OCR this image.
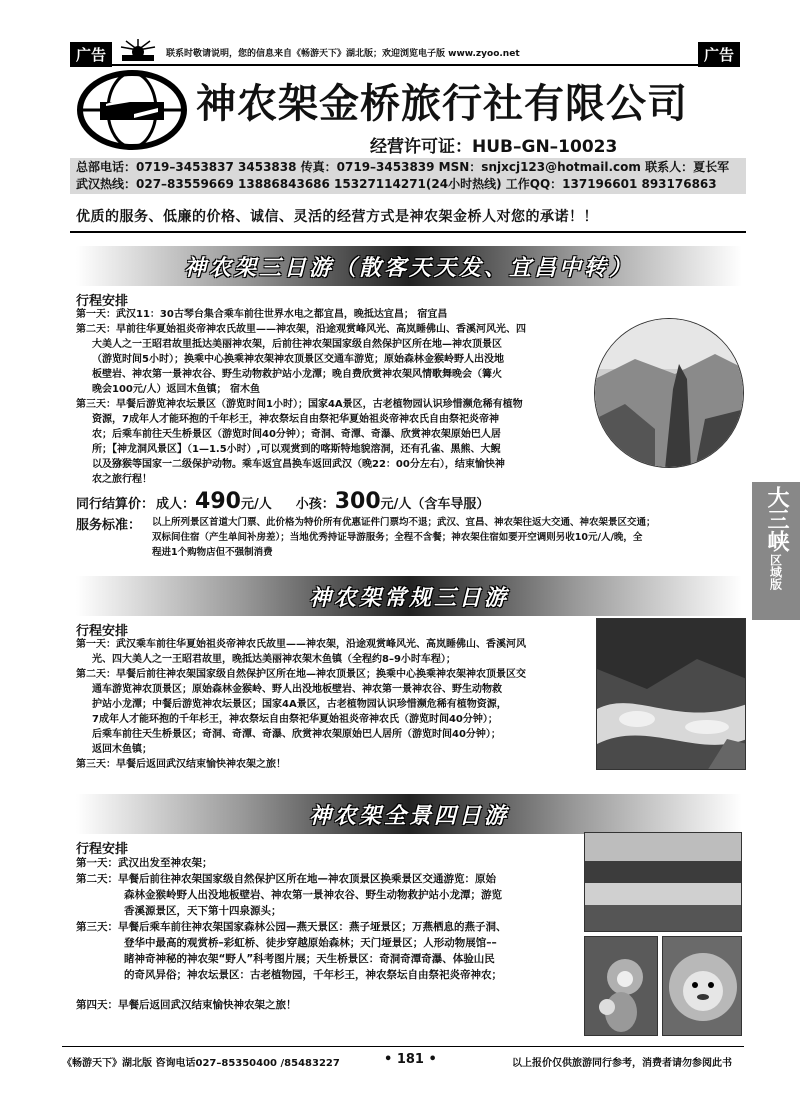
广告	联系时敬请说明，您的信息来自《畅游天下》湖北版；欢迎浏览电子版 www.zyoo.net	广告
神农架金桥旅行社有限公司
经营许可证：HUB–GN–10023
总部电话：0719–3453837 3453838 传真：0719–3453839 MSN：snjxcj123@hotmail.com 联系人：夏长军
武汉热线：027–83559669 13886843686 15327114271(24小时热线) 工作QQ：137196601 893176863
优质的服务、低廉的价格、诚信、灵活的经营方式是神农架金桥人对您的承诺！！
神农架三日游（散客天天发、宜昌中转）
行程安排
第一天：武汉11：30古琴台集合乘车前往世界水电之都宜昌，晚抵达宜昌； 宿宜昌
第二天：早前往华夏始祖炎帝神农氏故里——神农架，沿途观赏峰风光、高岚睡佛山、香溪河风光、四
大美人之一王昭君故里抵达美丽神农架，后前往神农架国家级自然保护区所在地—神农顶景区
（游览时间5小时）；换乘中心换乘神农架神农顶景区交通车游览；原始森林金猴岭野人出没地
板壁岩、神农第一景神农谷、野生动物救护站小龙潭；晚自费欣赏神农架风情歌舞晚会（篝火
晚会100元/人）返回木鱼镇； 宿木鱼
第三天：早餐后游览神农坛景区（游览时间1小时）；国家4A景区，古老植物园认识珍惜濒危稀有植物
资源，7成年人才能环抱的千年杉王，神农祭坛自由祭祀华夏始祖炎帝神农氏自由祭祀炎帝神
农；后乘车前往天生桥景区（游览时间40分钟）；奇洞、奇潭、奇瀑、欣赏神农架原始巴人居
所；【神龙洞风景区】（1—1.5小时）,可以观赏到的喀斯特地貌溶洞，还有孔雀、黑熊、大鲵
以及猕猴等国家一二级保护动物。乘车返宜昌换车返回武汉（晚22：00分左右），结束愉快神
农之旅行程！
同行结算价： 成人： 490 元/人 小孩： 300 元/人（含车导服）
服务标准： 以上所列景区首道大门票、此价格为特价所有优惠证件门票均不退；武汉、宜昌、神农架往返大交通、神农架景区交通；
双标间住宿（产生单间补房差）；当地优秀持证导游服务；全程不含餐；神农架住宿如要开空调则另收10元/人/晚，全
程进1个购物店但不强制消费
大三峡
区域版
神农架常规三日游
行程安排
第一天：武汉乘车前往华夏始祖炎帝神农氏故里——神农架，沿途观赏峰风光、高岚睡佛山、香溪河风
光、四大美人之一王昭君故里，晚抵达美丽神农架木鱼镇（全程约8–9小时车程）；
第二天：早餐后前往神农架国家级自然保护区所在地—神农顶景区；换乘中心换乘神农架神农顶景区交
通车游览神农顶景区；原始森林金猴岭、野人出没地板壁岩、神农第一景神农谷、野生动物救
护站小龙潭；中餐后游览神农坛景区；国家4A景区，古老植物园认识珍惜濒危稀有植物资源，
7成年人才能环抱的千年杉王，神农祭坛自由祭祀华夏始祖炎帝神农氏（游览时间40分钟）；
后乘车前往天生桥景区；奇洞、奇潭、奇瀑、欣赏神农架原始巴人居所（游览时间40分钟）；
返回木鱼镇；
第三天：早餐后返回武汉结束愉快神农架之旅！
神农架全景四日游
行程安排
第一天：武汉出发至神农架；
第二天：早餐后前往神农架国家级自然保护区所在地—神农顶景区换乘景区交通游览：原始
森林金猴岭野人出没地板壁岩、神农第一景神农谷、野生动物救护站小龙潭；游览
香溪源景区，天下第十四泉源头；
第三天：早餐后乘车前往神农架国家森林公园—燕天景区：燕子垭景区；万燕栖息的燕子洞、
登华中最高的观赏桥–彩虹桥、徒步穿越原始森林；天门垭景区；人形动物展馆––
睹神奇神秘的神农架“野人”科考图片展；天生桥景区：奇洞奇潭奇瀑、体验山民
的奇风异俗；神农坛景区：古老植物园，千年杉王，神农祭坛自由祭祀炎帝神农；
第四天：早餐后返回武汉结束愉快神农架之旅！
《畅游天下》湖北版 咨询电话027–85350400 /85483227	• 181 •	以上报价仅供旅游同行参考，消费者请勿参阅此书
